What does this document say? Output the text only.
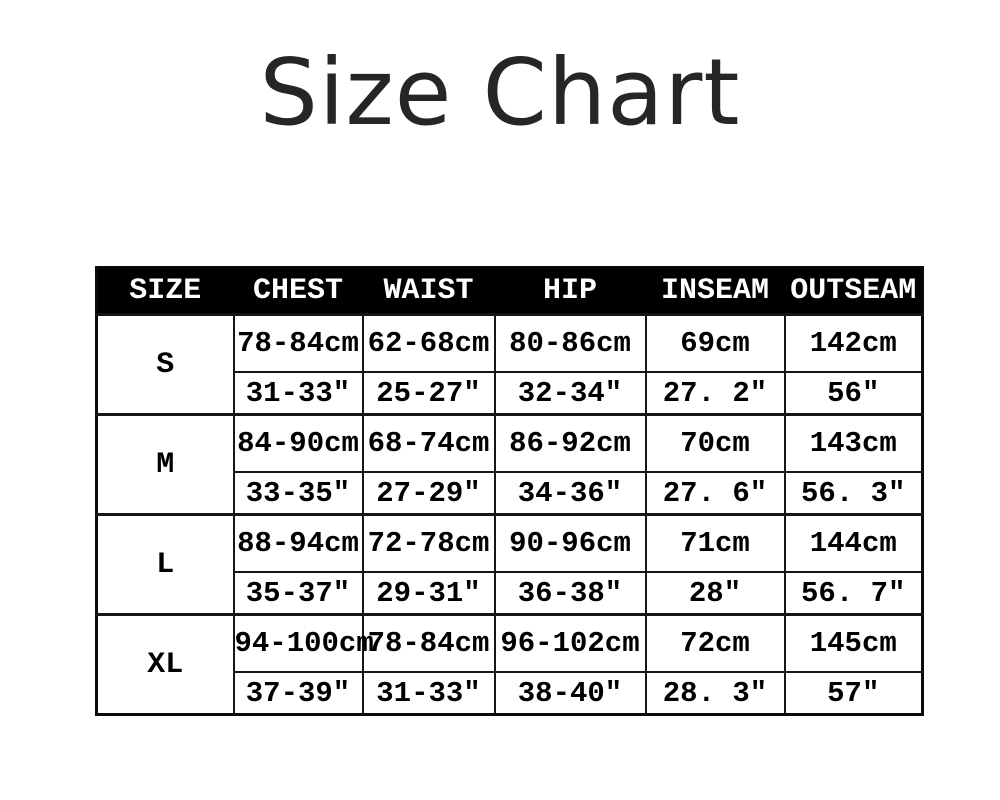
Size Chart
SIZE	CHEST	WAIST	HIP	INSEAM	OUTSEAM
S	78-84cm	62-68cm	80-86cm	69cm	142cm
	31-33″	25-27″	32-34″	27. 2″	56″
M	84-90cm	68-74cm	86-92cm	70cm	143cm
	33-35″	27-29″	34-36″	27. 6″	56. 3″
L	88-94cm	72-78cm	90-96cm	71cm	144cm
	35-37″	29-31″	36-38″	28″	56. 7″
XL	94-100cm	78-84cm	96-102cm	72cm	145cm
	37-39″	31-33″	38-40″	28. 3″	57″
